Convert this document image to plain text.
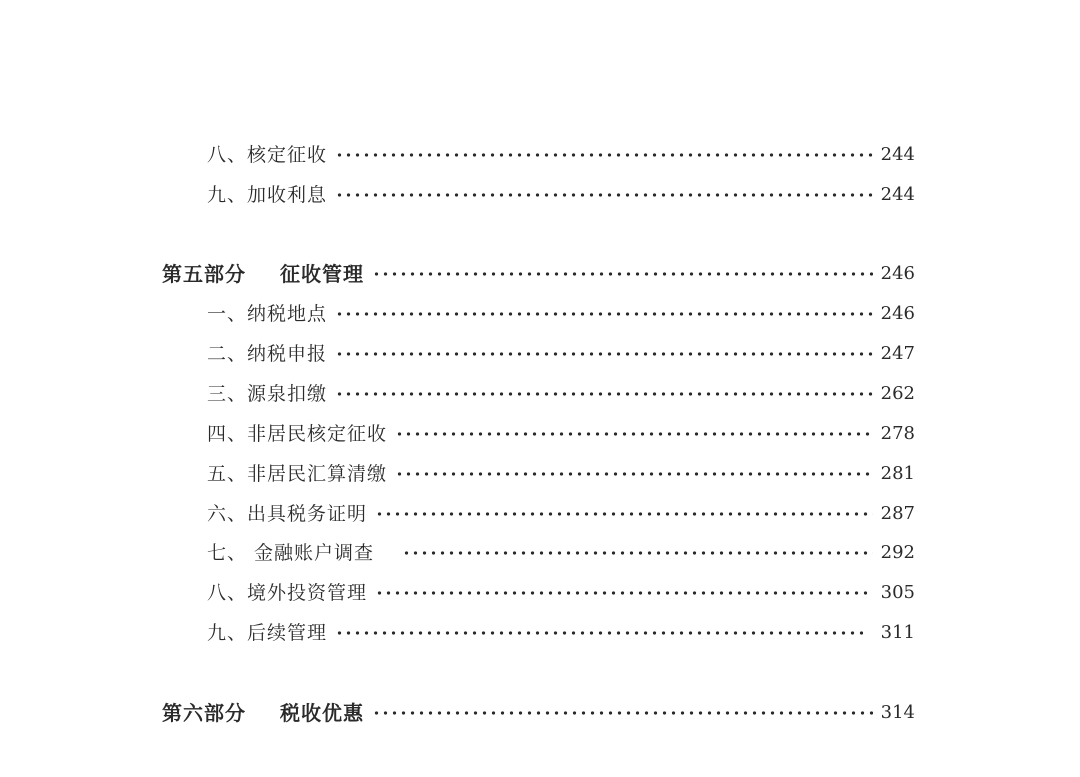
八、核定征收	244
九、加收利息	244
第五部分 征收管理	246
一、纳税地点	246
二、纳税申报	247
三、源泉扣缴	262
四、非居民核定征收	278
五、非居民汇算清缴	281
六、出具税务证明	287
七、 金融账户调查	292
八、境外投资管理	305
九、后续管理	311
第六部分 税收优惠	314
